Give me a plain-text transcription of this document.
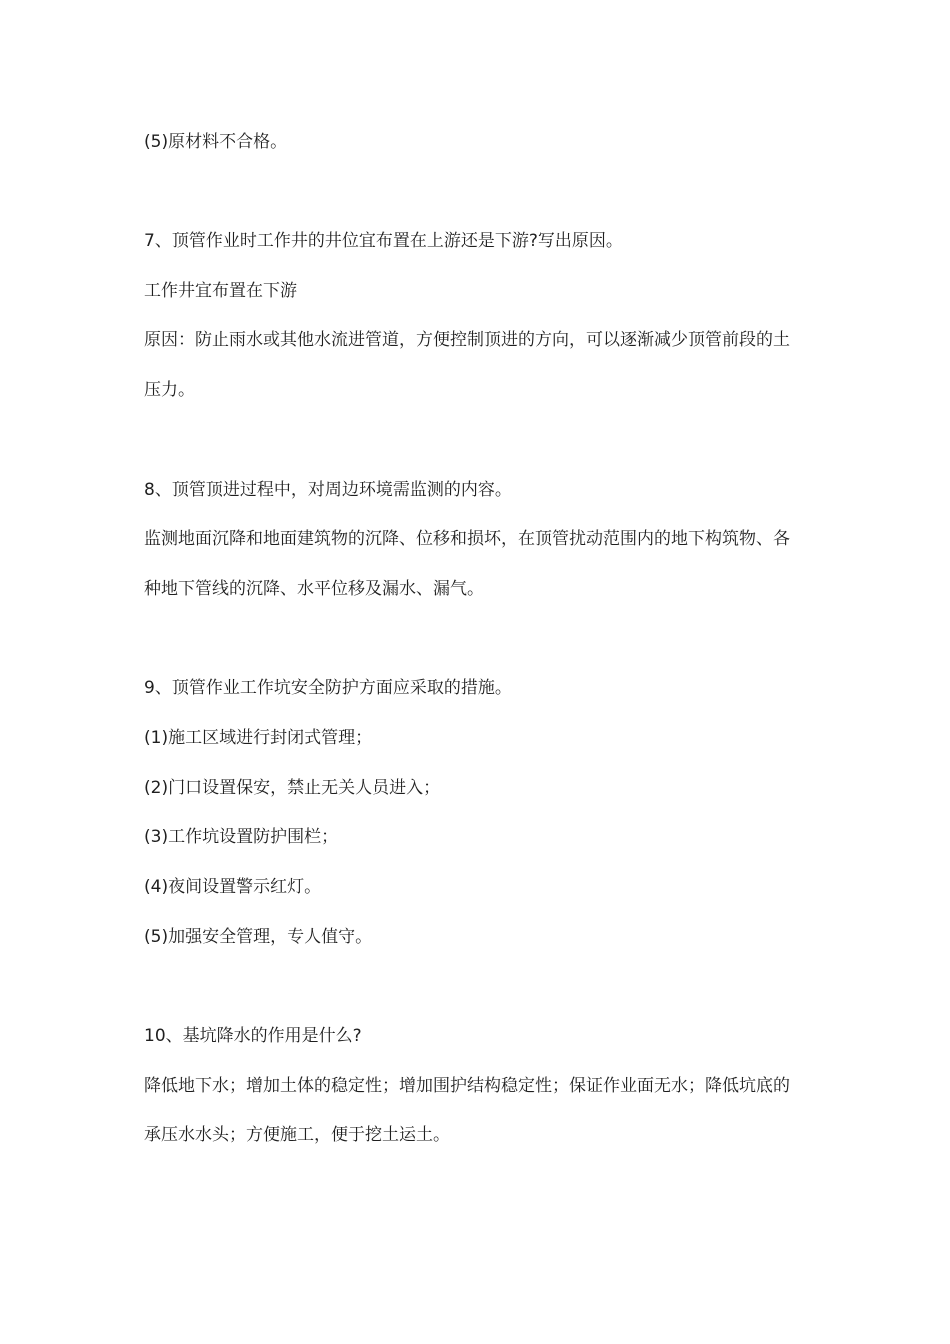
(5)原材料不合格。
7、顶管作业时工作井的井位宜布置在上游还是下游?写出原因。
工作井宜布置在下游
原因：防止雨水或其他水流进管道，方便控制顶进的方向，可以逐渐减少顶管前段的土
压力。
8、顶管顶进过程中，对周边环境需监测的内容。
监测地面沉降和地面建筑物的沉降、位移和损坏，在顶管扰动范围内的地下构筑物、各
种地下管线的沉降、水平位移及漏水、漏气。
9、顶管作业工作坑安全防护方面应采取的措施。
(1)施工区域进行封闭式管理；
(2)门口设置保安，禁止无关人员进入；
(3)工作坑设置防护围栏；
(4)夜间设置警示红灯。
(5)加强安全管理，专人值守。
10、基坑降水的作用是什么?
降低地下水；增加土体的稳定性；增加围护结构稳定性；保证作业面无水；降低坑底的
承压水水头；方便施工，便于挖土运土。
